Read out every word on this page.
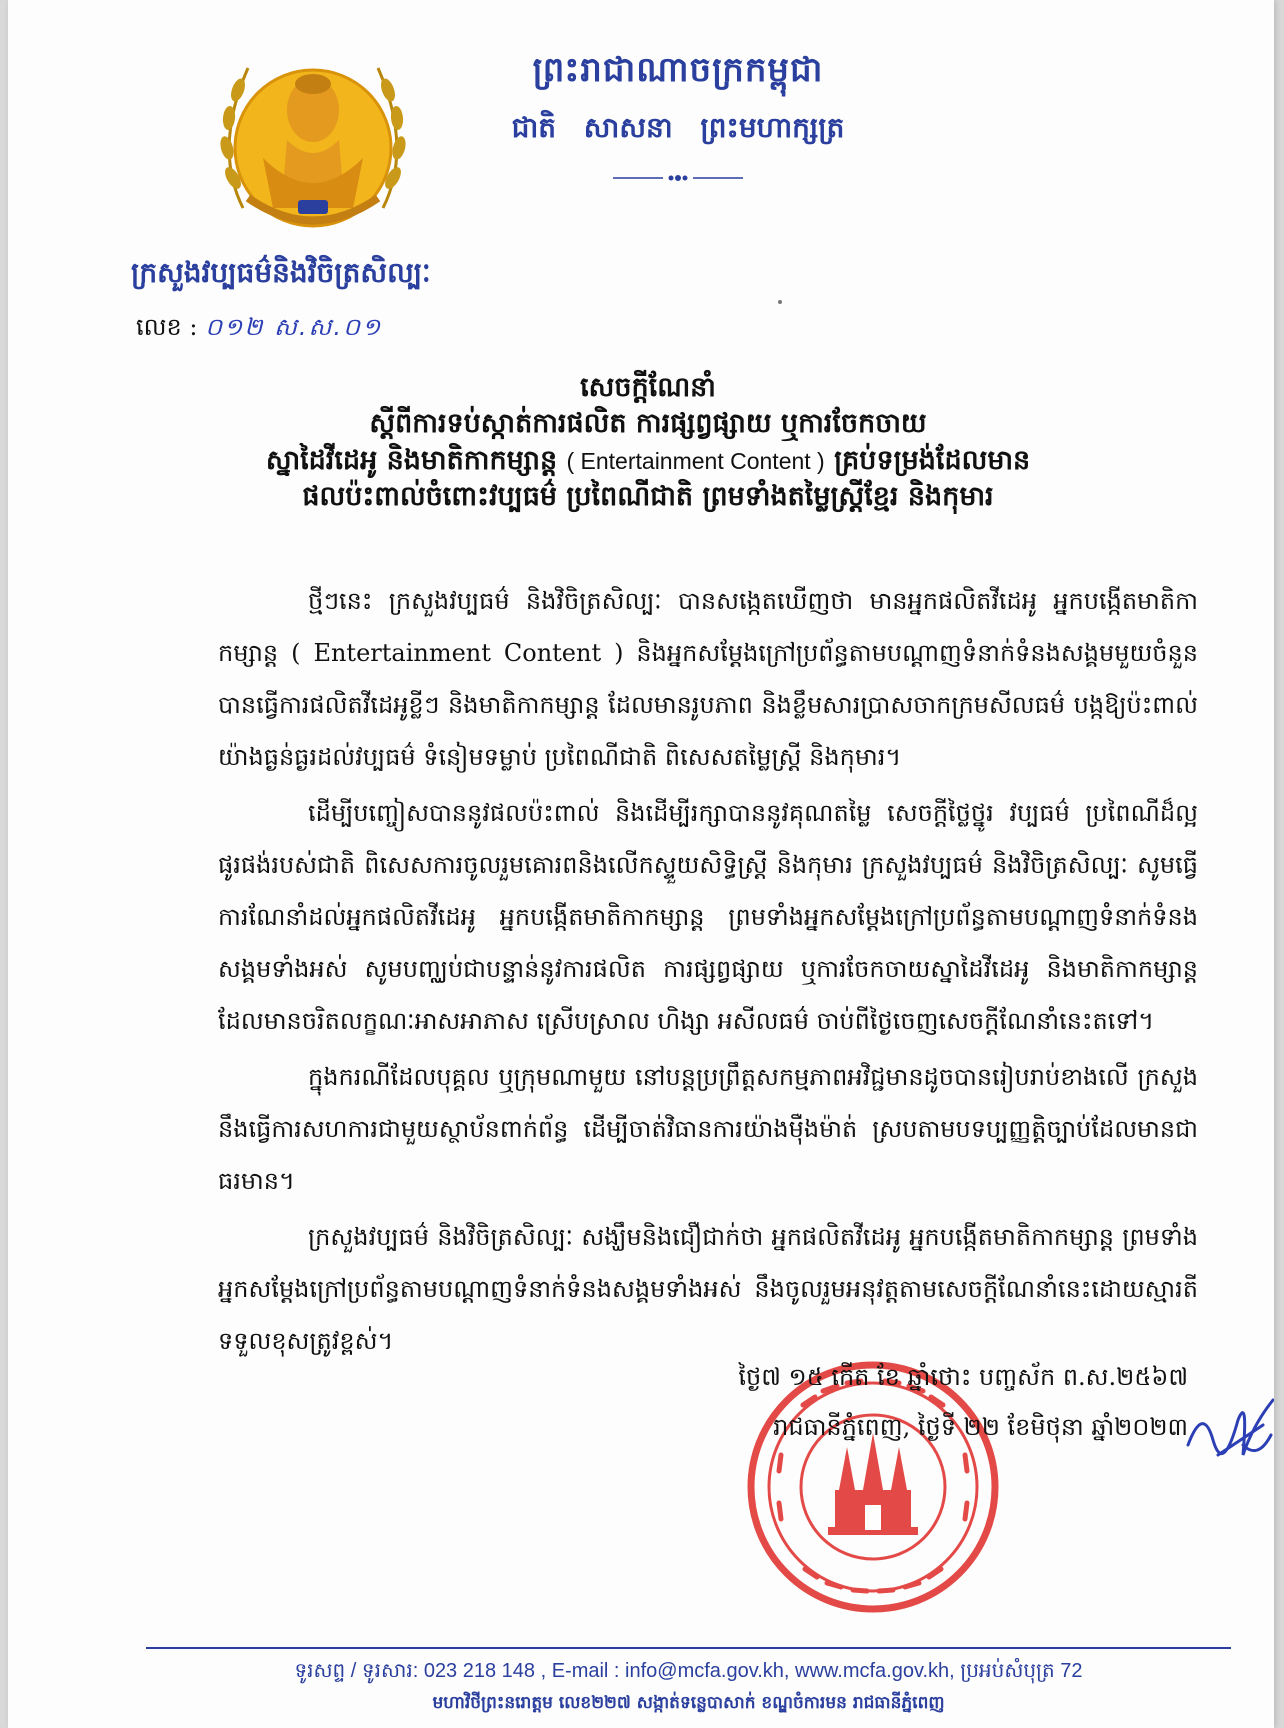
ព្រះរាជាណាចក្រកម្ពុជា
ជាតិ សាសនា ព្រះមហាក្សត្រ
ក្រសួងវប្បធម៌និងវិចិត្រសិល្បៈ
លេខ : ០១២ ស.ស.០១

សេចក្តីណែនាំ

ស្តីពីការទប់ស្កាត់ការផលិត ការផ្សព្វផ្សាយ ឬការចែកចាយ

ស្នាដៃវីដេអូ និងមាតិកាកម្សាន្ត ( Entertainment Content ) គ្រប់ទម្រង់ដែលមាន

ផលប៉ះពាល់ចំពោះវប្បធម៌ ប្រពៃណីជាតិ ព្រមទាំងតម្លៃស្ត្រីខ្មែរ និងកុមារ

ថ្មីៗនេះ ក្រសួងវប្បធម៌ និងវិចិត្រសិល្បៈ បានសង្កេតឃើញថា មានអ្នកផលិតវីដេអូ អ្នកបង្កើតមាតិកាកម្សាន្ត ( Entertainment Content ) និងអ្នកសម្តែងក្រៅប្រព័ន្ធតាមបណ្តាញទំនាក់ទំនងសង្គមមួយចំនួន បានធ្វើការផលិតវីដេអូខ្លីៗ និងមាតិកាកម្សាន្ត ដែលមានរូបភាព និងខ្លឹមសារប្រាសចាកក្រមសីលធម៌ បង្កឱ្យប៉ះពាល់យ៉ាងធ្ងន់ធ្ងរដល់វប្បធម៌ ទំនៀមទម្លាប់ ប្រពៃណីជាតិ ពិសេសតម្លៃស្ត្រី និងកុមារ។

ដើម្បីបញ្ចៀសបាននូវផលប៉ះពាល់ និងដើម្បីរក្សាបាននូវគុណតម្លៃ សេចក្តីថ្លៃថ្នូរ វប្បធម៌ ប្រពៃណីដ៏ល្អផូរផង់របស់ជាតិ ពិសេសការចូលរួមគោរពនិងលើកស្ទួយសិទ្ធិស្ត្រី និងកុមារ ក្រសួងវប្បធម៌ និងវិចិត្រសិល្បៈ សូមធ្វើការណែនាំដល់អ្នកផលិតវីដេអូ អ្នកបង្កើតមាតិកាកម្សាន្ត ព្រមទាំងអ្នកសម្តែងក្រៅប្រព័ន្ធតាមបណ្តាញទំនាក់ទំនងសង្គមទាំងអស់ សូមបញ្ឈប់ជាបន្ទាន់នូវការផលិត ការផ្សព្វផ្សាយ ឬការចែកចាយស្នាដៃវីដេអូ និងមាតិកាកម្សាន្តដែលមានចរិតលក្ខណៈអាសអាភាស ស្រើបស្រាល ហិង្សា អសីលធម៌ ចាប់ពីថ្ងៃចេញសេចក្តីណែនាំនេះតទៅ។

ក្នុងករណីដែលបុគ្គល ឬក្រុមណាមួយ នៅបន្តប្រព្រឹត្តសកម្មភាពអវិជ្ជមានដូចបានរៀបរាប់ខាងលើ ក្រសួងនឹងធ្វើការសហការជាមួយស្ថាប័នពាក់ព័ន្ធ ដើម្បីចាត់វិធានការយ៉ាងម៉ឺងម៉ាត់ ស្របតាមបទប្បញ្ញត្តិច្បាប់ដែលមានជាធរមាន។

ក្រសួងវប្បធម៌ និងវិចិត្រសិល្បៈ សង្ឃឹមនិងជឿជាក់ថា អ្នកផលិតវីដេអូ អ្នកបង្កើតមាតិកាកម្សាន្ត ព្រមទាំងអ្នកសម្តែងក្រៅប្រព័ន្ធតាមបណ្តាញទំនាក់ទំនងសង្គមទាំងអស់ នឹងចូលរួមអនុវត្តតាមសេចក្តីណែនាំនេះដោយស្មារតីទទួលខុសត្រូវខ្ពស់។

ថ្ងៃ៧ ១៥ កើត ខែ ឆ្នាំថោះ បញ្ចស័ក ព.ស.២៥៦៧
រាជធានីភ្នំពេញ, ថ្ងៃទី ២២ ខែមិថុនា ឆ្នាំ២០២៣
ទូរសព្ទ / ទូរសារ: 023 218 148 , E-mail : info@mcfa.gov.kh, www.mcfa.gov.kh, ប្រអប់សំបុត្រ 72
មហាវិថីព្រះនរោត្តម លេខ២២៧ សង្កាត់ទន្លេបាសាក់ ខណ្ឌចំការមន រាជធានីភ្នំពេញ
